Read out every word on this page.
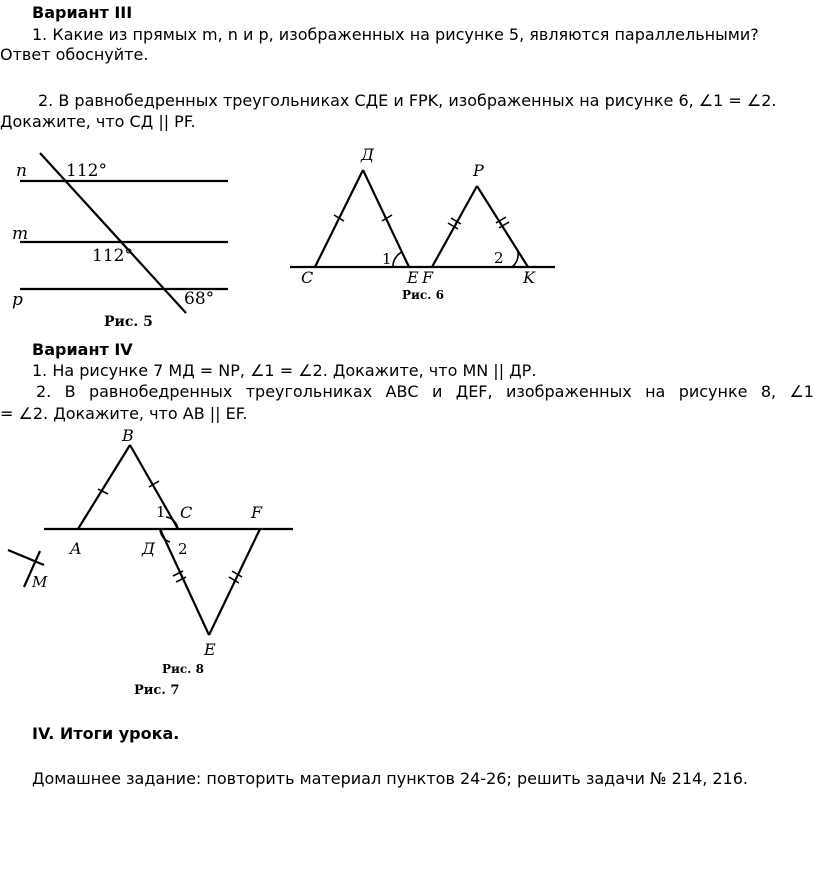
Вариант III
1. Какие из прямых m, n и p, изображенных на рисунке 5, являются параллельными?
Ответ обоснуйте.
2. В равнобедренных треугольниках СДЕ и FPK, изображенных на рисунке 6, ∠1 = ∠2.
Докажите, что СД || PF.
n
m
p
112°
112°
68°
Рис. 5
Д
P
C	E F	K
1	2
Рис. 6
Вариант IV
1. На рисунке 7 МД = NP, ∠1 = ∠2. Докажите, что MN || ДР.
2. В равнобедренных треугольниках АВС и ДЕF, изображенных на рисунке 8, ∠1
= ∠2. Докажите, что АВ || ЕF.
B
A
C
Д
F
E
1
2
M
Рис. 8
Рис. 7
IV. Итоги урока.
Домашнее задание: повторить материал пунктов 24-26; решить задачи № 214, 216.
